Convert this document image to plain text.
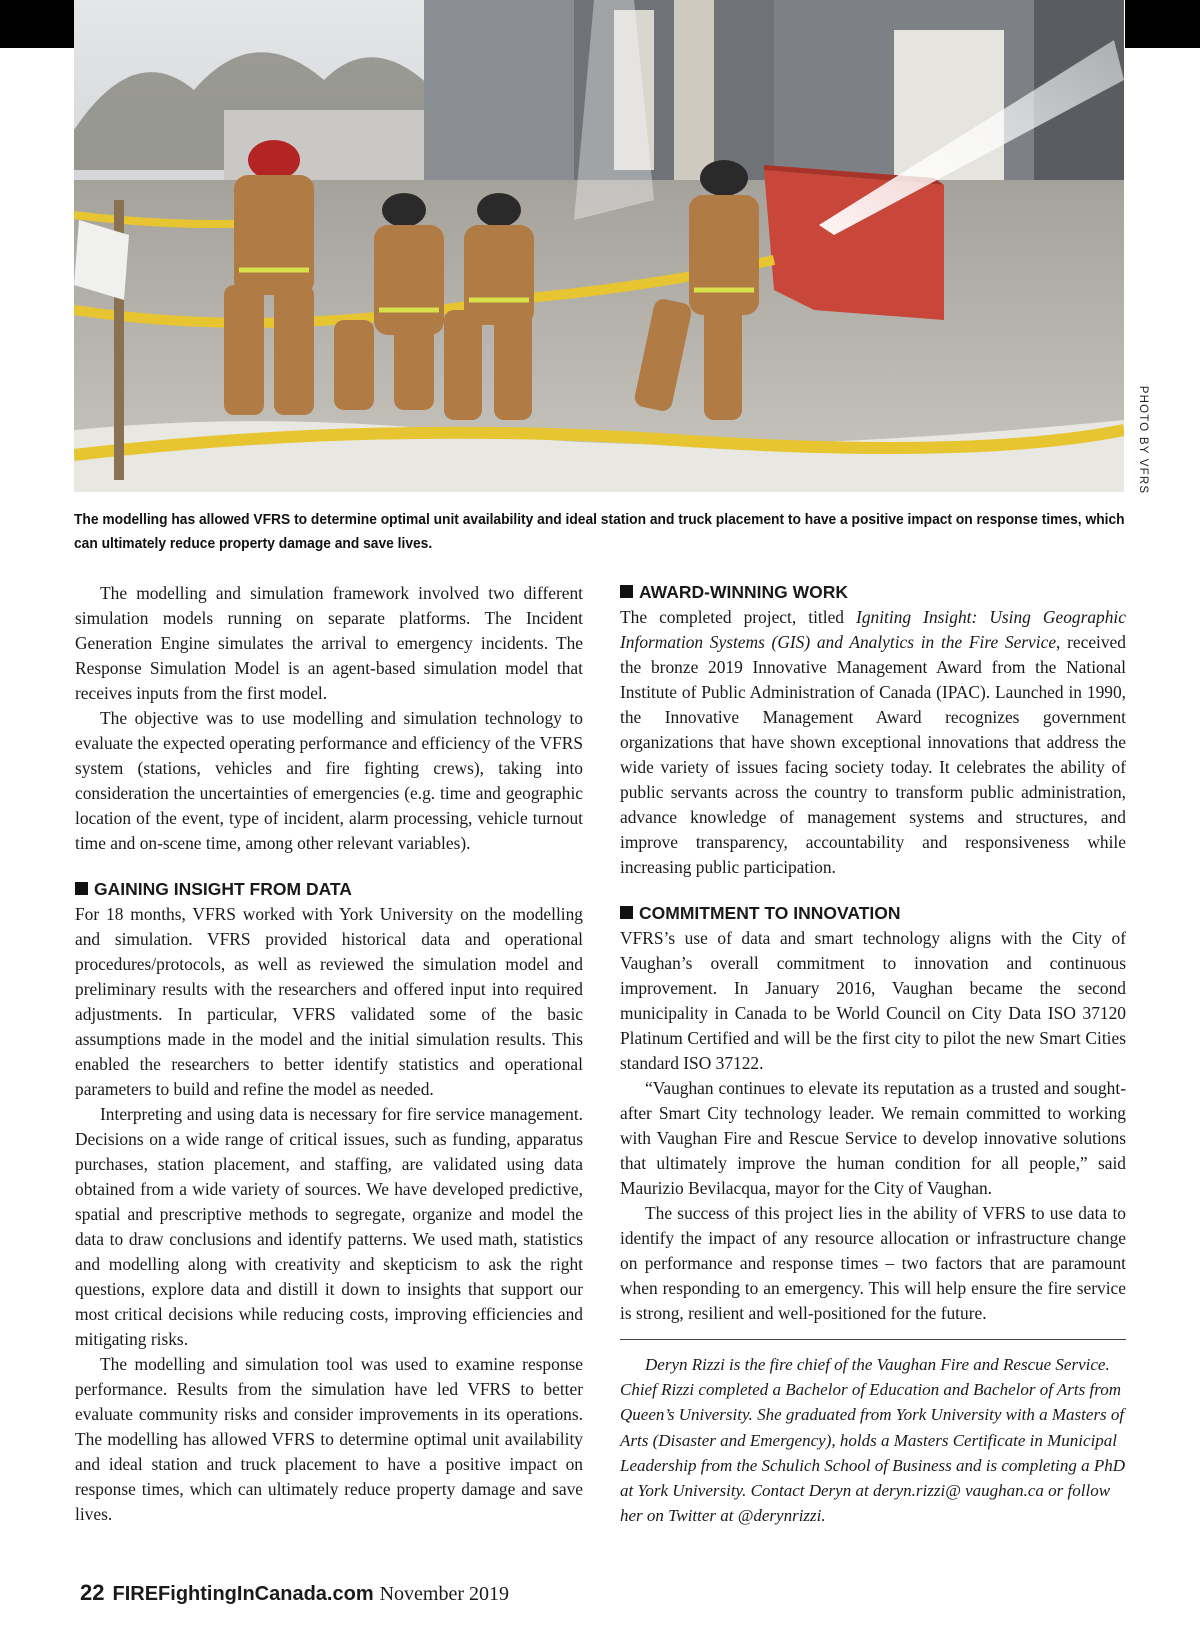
PHOTO BY VFRS
The modelling has allowed VFRS to determine optimal unit availability and ideal station and truck placement to have a positive impact on response times, which can ultimately reduce property damage and save lives.

The modelling and simulation framework involved two different simulation models running on separate platforms. The Incident Generation Engine simulates the arrival to emergency incidents. The Response Simulation Model is an agent-based simulation model that receives inputs from the first model.

The objective was to use modelling and simulation technology to evaluate the expected operating performance and efficiency of the VFRS system (stations, vehicles and fire fighting crews), taking into consideration the uncertainties of emergencies (e.g. time and geographic location of the event, type of incident, alarm processing, vehicle turnout time and on-scene time, among other relevant variables).

GAINING INSIGHT FROM DATA

For 18 months, VFRS worked with York University on the modelling and simulation. VFRS provided historical data and operational procedures/protocols, as well as reviewed the simulation model and preliminary results with the researchers and offered input into required adjustments. In particular, VFRS validated some of the basic assumptions made in the model and the initial simulation results. This enabled the researchers to better identify statistics and operational parameters to build and refine the model as needed.

Interpreting and using data is necessary for fire service management. Decisions on a wide range of critical issues, such as funding, apparatus purchases, station placement, and staffing, are validated using data obtained from a wide variety of sources. We have developed predictive, spatial and prescriptive methods to segregate, organize and model the data to draw conclusions and identify patterns. We used math, statistics and modelling along with creativity and skepticism to ask the right questions, explore data and distill it down to insights that support our most critical decisions while reducing costs, improving efficiencies and mitigating risks.

The modelling and simulation tool was used to examine response performance. Results from the simulation have led VFRS to better evaluate community risks and consider improvements in its operations. The modelling has allowed VFRS to determine optimal unit availability and ideal station and truck placement to have a positive impact on response times, which can ultimately reduce property damage and save lives.

AWARD-WINNING WORK

The completed project, titled Igniting Insight: Using Geographic Information Systems (GIS) and Analytics in the Fire Service, received the bronze 2019 Innovative Management Award from the National Institute of Public Administration of Canada (IPAC). Launched in 1990, the Innovative Management Award recognizes government organizations that have shown exceptional innovations that address the wide variety of issues facing society today. It celebrates the ability of public servants across the country to transform public administration, advance knowledge of management systems and structures, and improve transparency, accountability and responsiveness while increasing public participation.

COMMITMENT TO INNOVATION

VFRS’s use of data and smart technology aligns with the City of Vaughan’s overall commitment to innovation and continuous improvement. In January 2016, Vaughan became the second municipality in Canada to be World Council on City Data ISO 37120 Platinum Certified and will be the first city to pilot the new Smart Cities standard ISO 37122.

“Vaughan continues to elevate its reputation as a trusted and sought-after Smart City technology leader. We remain committed to working with Vaughan Fire and Rescue Service to develop innovative solutions that ultimately improve the human condition for all people,” said Maurizio Bevilacqua, mayor for the City of Vaughan.

The success of this project lies in the ability of VFRS to use data to identify the impact of any resource allocation or infrastructure change on performance and response times – two factors that are paramount when responding to an emergency. This will help ensure the fire service is strong, resilient and well-positioned for the future.

Deryn Rizzi is the fire chief of the Vaughan Fire and Rescue Service. Chief Rizzi completed a Bachelor of Education and Bachelor of Arts from Queen’s University. She graduated from York University with a Masters of Arts (Disaster and Emergency), holds a Masters Certificate in Municipal Leadership from the Schulich School of Business and is completing a PhD at York University. Contact Deryn at deryn.rizzi@ vaughan.ca or follow her on Twitter at @derynrizzi.

22 FIREFightingInCanada.com November 2019
